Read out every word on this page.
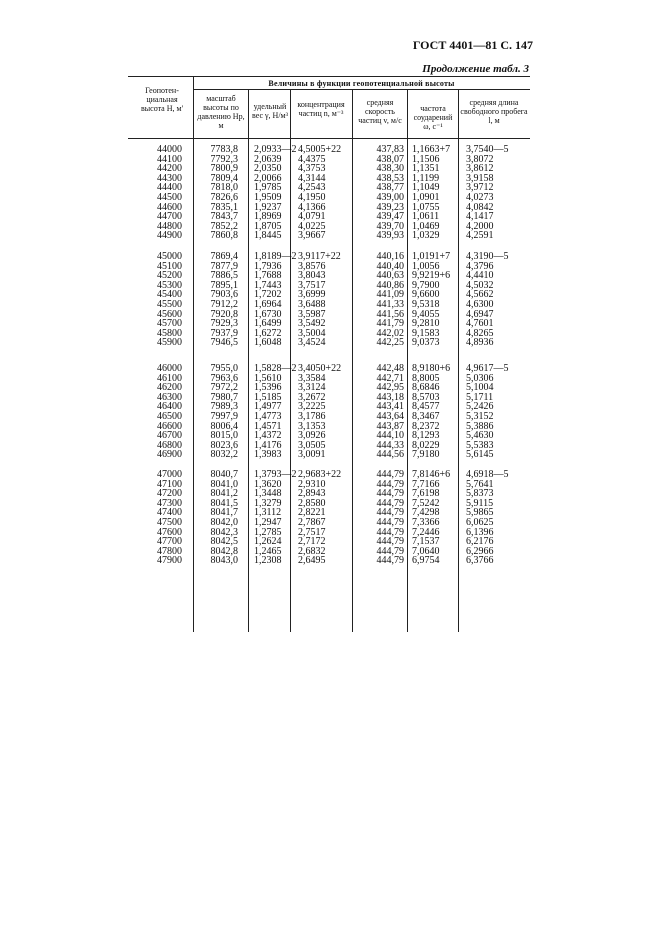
ГОСТ 4401—81 С. 147
Продолжение табл. 3
Геопотен-циальная высота H, м'
Величины в функции геопотенциальной высоты
масштаб высоты по давлению Hp, м
удельный вес γ, Н/м³
концентрация частиц n, м⁻³
средняя скорость частиц v, м/с
частота соударений ω, с⁻¹
средняя длина свободного пробега l, м
44000
44100
44200
44300
44400
44500
44600
44700
44800
44900
7783,8
7792,3
7800,9
7809,4
7818,0
7826,6
7835,1
7843,7
7852,2
7860,8
2,0933—2
2,0639
2,0350
2,0066
1,9785
1,9509
1,9237
1,8969
1,8705
1,8445
4,5005+22
4,4375
4,3753
4,3144
4,2543
4,1950
4,1366
4,0791
4,0225
3,9667
437,83
438,07
438,30
438,53
438,77
439,00
439,23
439,47
439,70
439,93
1,1663+7
1,1506
1,1351
1,1199
1,1049
1,0901
1,0755
1,0611
1,0469
1,0329
3,7540—5
3,8072
3,8612
3,9158
3,9712
4,0273
4,0842
4,1417
4,2000
4,2591
45000
45100
45200
45300
45400
45500
45600
45700
45800
45900
7869,4
7877,9
7886,5
7895,1
7903,6
7912,2
7920,8
7929,3
7937,9
7946,5
1,8189—2
1,7936
1,7688
1,7443
1,7202
1,6964
1,6730
1,6499
1,6272
1,6048
3,9117+22
3,8576
3,8043
3,7517
3,6999
3,6488
3,5987
3,5492
3,5004
3,4524
440,16
440,40
440,63
440,86
441,09
441,33
441,56
441,79
442,02
442,25
1,0191+7
1,0056
9,9219+6
9,7900
9,6600
9,5318
9,4055
9,2810
9,1583
9,0373
4,3190—5
4,3796
4,4410
4,5032
4,5662
4,6300
4,6947
4,7601
4,8265
4,8936
46000
46100
46200
46300
46400
46500
46600
46700
46800
46900
7955,0
7963,6
7972,2
7980,7
7989,3
7997,9
8006,4
8015,0
8023,6
8032,2
1,5828—2
1,5610
1,5396
1,5185
1,4977
1,4773
1,4571
1,4372
1,4176
1,3983
3,4050+22
3,3584
3,3124
3,2672
3,2225
3,1786
3,1353
3,0926
3,0505
3,0091
442,48
442,71
442,95
443,18
443,41
443,64
443,87
444,10
444,33
444,56
8,9180+6
8,8005
8,6846
8,5703
8,4577
8,3467
8,2372
8,1293
8,0229
7,9180
4,9617—5
5,0306
5,1004
5,1711
5,2426
5,3152
5,3886
5,4630
5,5383
5,6145
47000
47100
47200
47300
47400
47500
47600
47700
47800
47900
8040,7
8041,0
8041,2
8041,5
8041,7
8042,0
8042,3
8042,5
8042,8
8043,0
1,3793—2
1,3620
1,3448
1,3279
1,3112
1,2947
1,2785
1,2624
1,2465
1,2308
2,9683+22
2,9310
2,8943
2,8580
2,8221
2,7867
2,7517
2,7172
2,6832
2,6495
444,79
444,79
444,79
444,79
444,79
444,79
444,79
444,79
444,79
444,79
7,8146+6
7,7166
7,6198
7,5242
7,4298
7,3366
7,2446
7,1537
7,0640
6,9754
4,6918—5
5,7641
5,8373
5,9115
5,9865
6,0625
6,1396
6,2176
6,2966
6,3766
